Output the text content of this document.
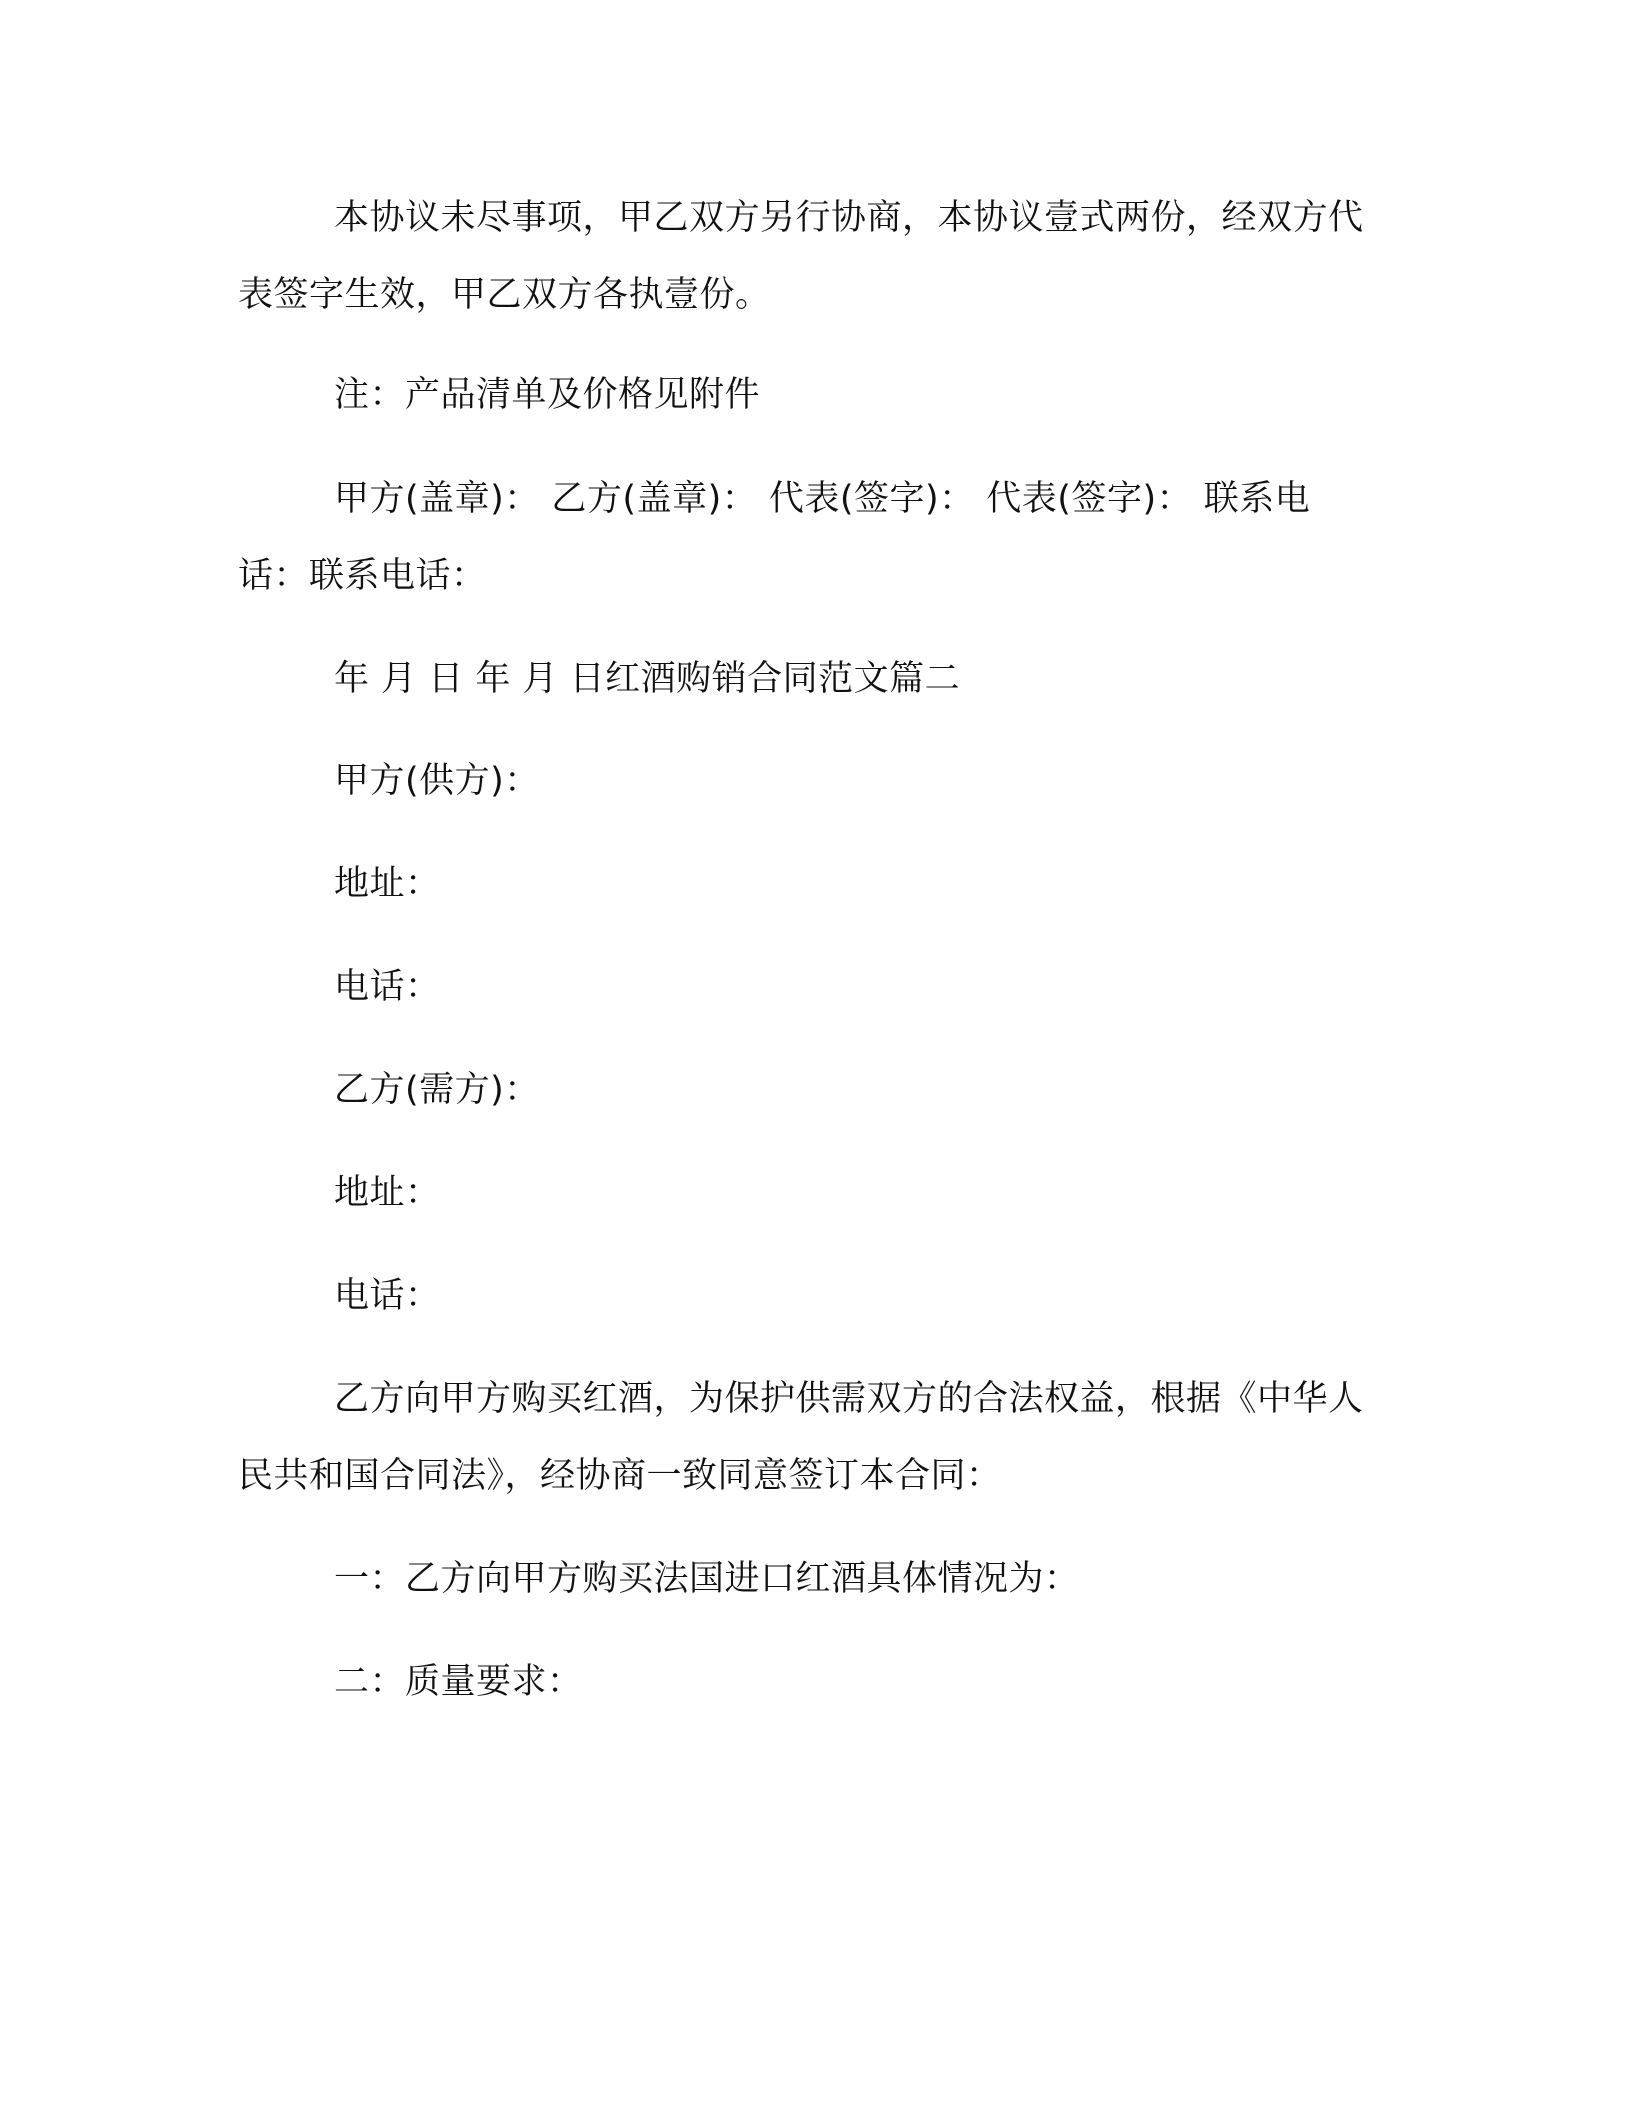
本协议未尽事项，甲乙双方另行协商，本协议壹式两份，经双方代表签字生效，甲乙双方各执壹份。

注：产品清单及价格见附件

甲方(盖章)： 乙方(盖章)： 代表(签字)： 代表(签字)： 联系电话：联系电话：

年 月 日 年 月 日红酒购销合同范文篇二

甲方(供方)：

地址：

电话：

乙方(需方)：

地址：

电话：

乙方向甲方购买红酒，为保护供需双方的合法权益，根据《中华人民共和国合同法》，经协商一致同意签订本合同：

一：乙方向甲方购买法国进口红酒具体情况为：

二：质量要求：
